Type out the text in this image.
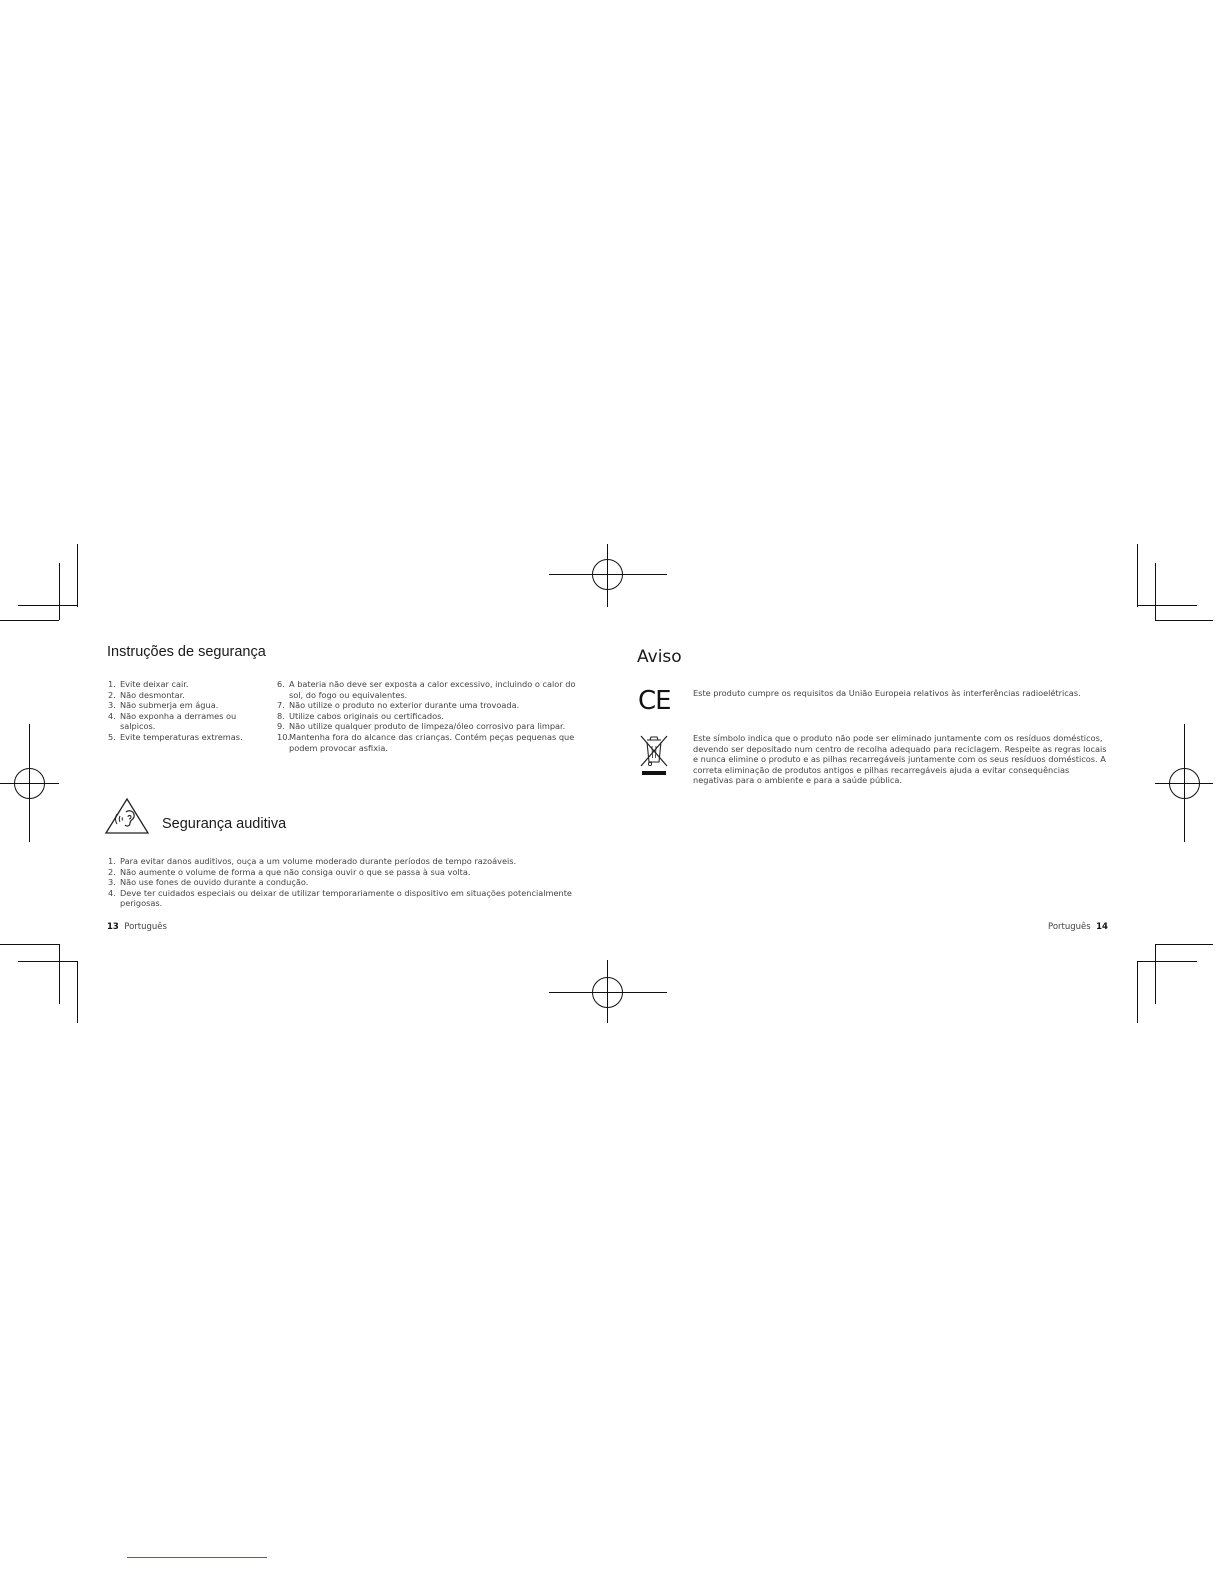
Instruções de segurança
1. Evite deixar cair.
2. Não desmontar.
3. Não submerja em água.
4. Não exponha a derrames ou salpicos.
5. Evite temperaturas extremas.
6. A bateria não deve ser exposta a calor excessivo, incluindo o calor do sol, do fogo ou equivalentes.
7. Não utilize o produto no exterior durante uma trovoada.
8. Utilize cabos originais ou certificados.
9. Não utilize qualquer produto de limpeza/óleo corrosivo para limpar.
10.
Mantenha fora do alcance das crianças. Contém peças pequenas que podem provocar asfixia.
Segurança auditiva
1. Para evitar danos auditivos, ouça a um volume moderado durante períodos de tempo razoáveis.
2. Não aumente o volume de forma a que não consiga ouvir o que se passa à sua volta.
3. Não use fones de ouvido durante a condução.
4. Deve ter cuidados especiais ou deixar de utilizar temporariamente o dispositivo em situações potencialmente perigosas.
13 Português
Aviso
CE	Este produto cumpre os requisitos da União Europeia relativos às interferências radioelétricas.
Este símbolo indica que o produto não pode ser eliminado juntamente com os resíduos domésticos, devendo ser depositado num centro de recolha adequado para reciclagem. Respeite as regras locais e nunca elimine o produto e as pilhas recarregáveis juntamente com os seus resíduos domésticos. A correta eliminação de produtos antigos e pilhas recarregáveis ajuda a evitar consequências negativas para o ambiente e para a saúde pública.
Português 14
